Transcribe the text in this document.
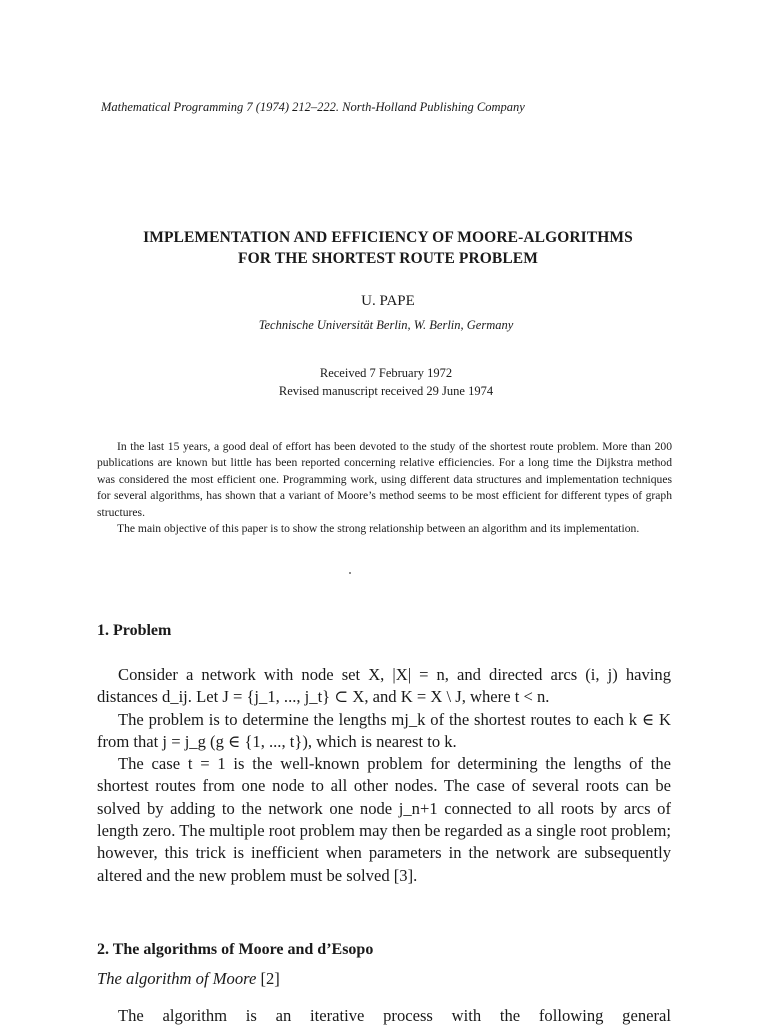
Mathematical Programming 7 (1974) 212–222. North-Holland Publishing Company
IMPLEMENTATION AND EFFICIENCY OF MOORE-ALGORITHMS
FOR THE SHORTEST ROUTE PROBLEM
U. PAPE
Technische Universität Berlin, W. Berlin, Germany
Received 7 February 1972
Revised manuscript received 29 June 1974

In the last 15 years, a good deal of effort has been devoted to the study of the shortest route problem. More than 200 publications are known but little has been reported concerning relative efficiencies. For a long time the Dijkstra method was considered the most efficient one. Programming work, using different data structures and implementation techniques for several algorithms, has shown that a variant of Moore’s method seems to be most efficient for different types of graph structures.

The main objective of this paper is to show the strong relationship between an algorithm and its implementation.

1. Problem

Consider a network with node set X, |X| = n, and directed arcs (i, j) having distances d_ij. Let J = {j_1, ..., j_t} ⊂ X, and K = X \ J, where t < n.

The problem is to determine the lengths mj_k of the shortest routes to each k ∈ K from that j = j_g (g ∈ {1, ..., t}), which is nearest to k.

The case t = 1 is the well-known problem for determining the lengths of the shortest routes from one node to all other nodes. The case of several roots can be solved by adding to the network one node j_n+1 connected to all roots by arcs of length zero. The multiple root problem may then be regarded as a single root problem; however, this trick is inefficient when parameters in the network are subsequently altered and the new problem must be solved [3].

2. The algorithms of Moore and d’Esopo
The algorithm of Moore [2]

The algorithm is an iterative process with the following general
